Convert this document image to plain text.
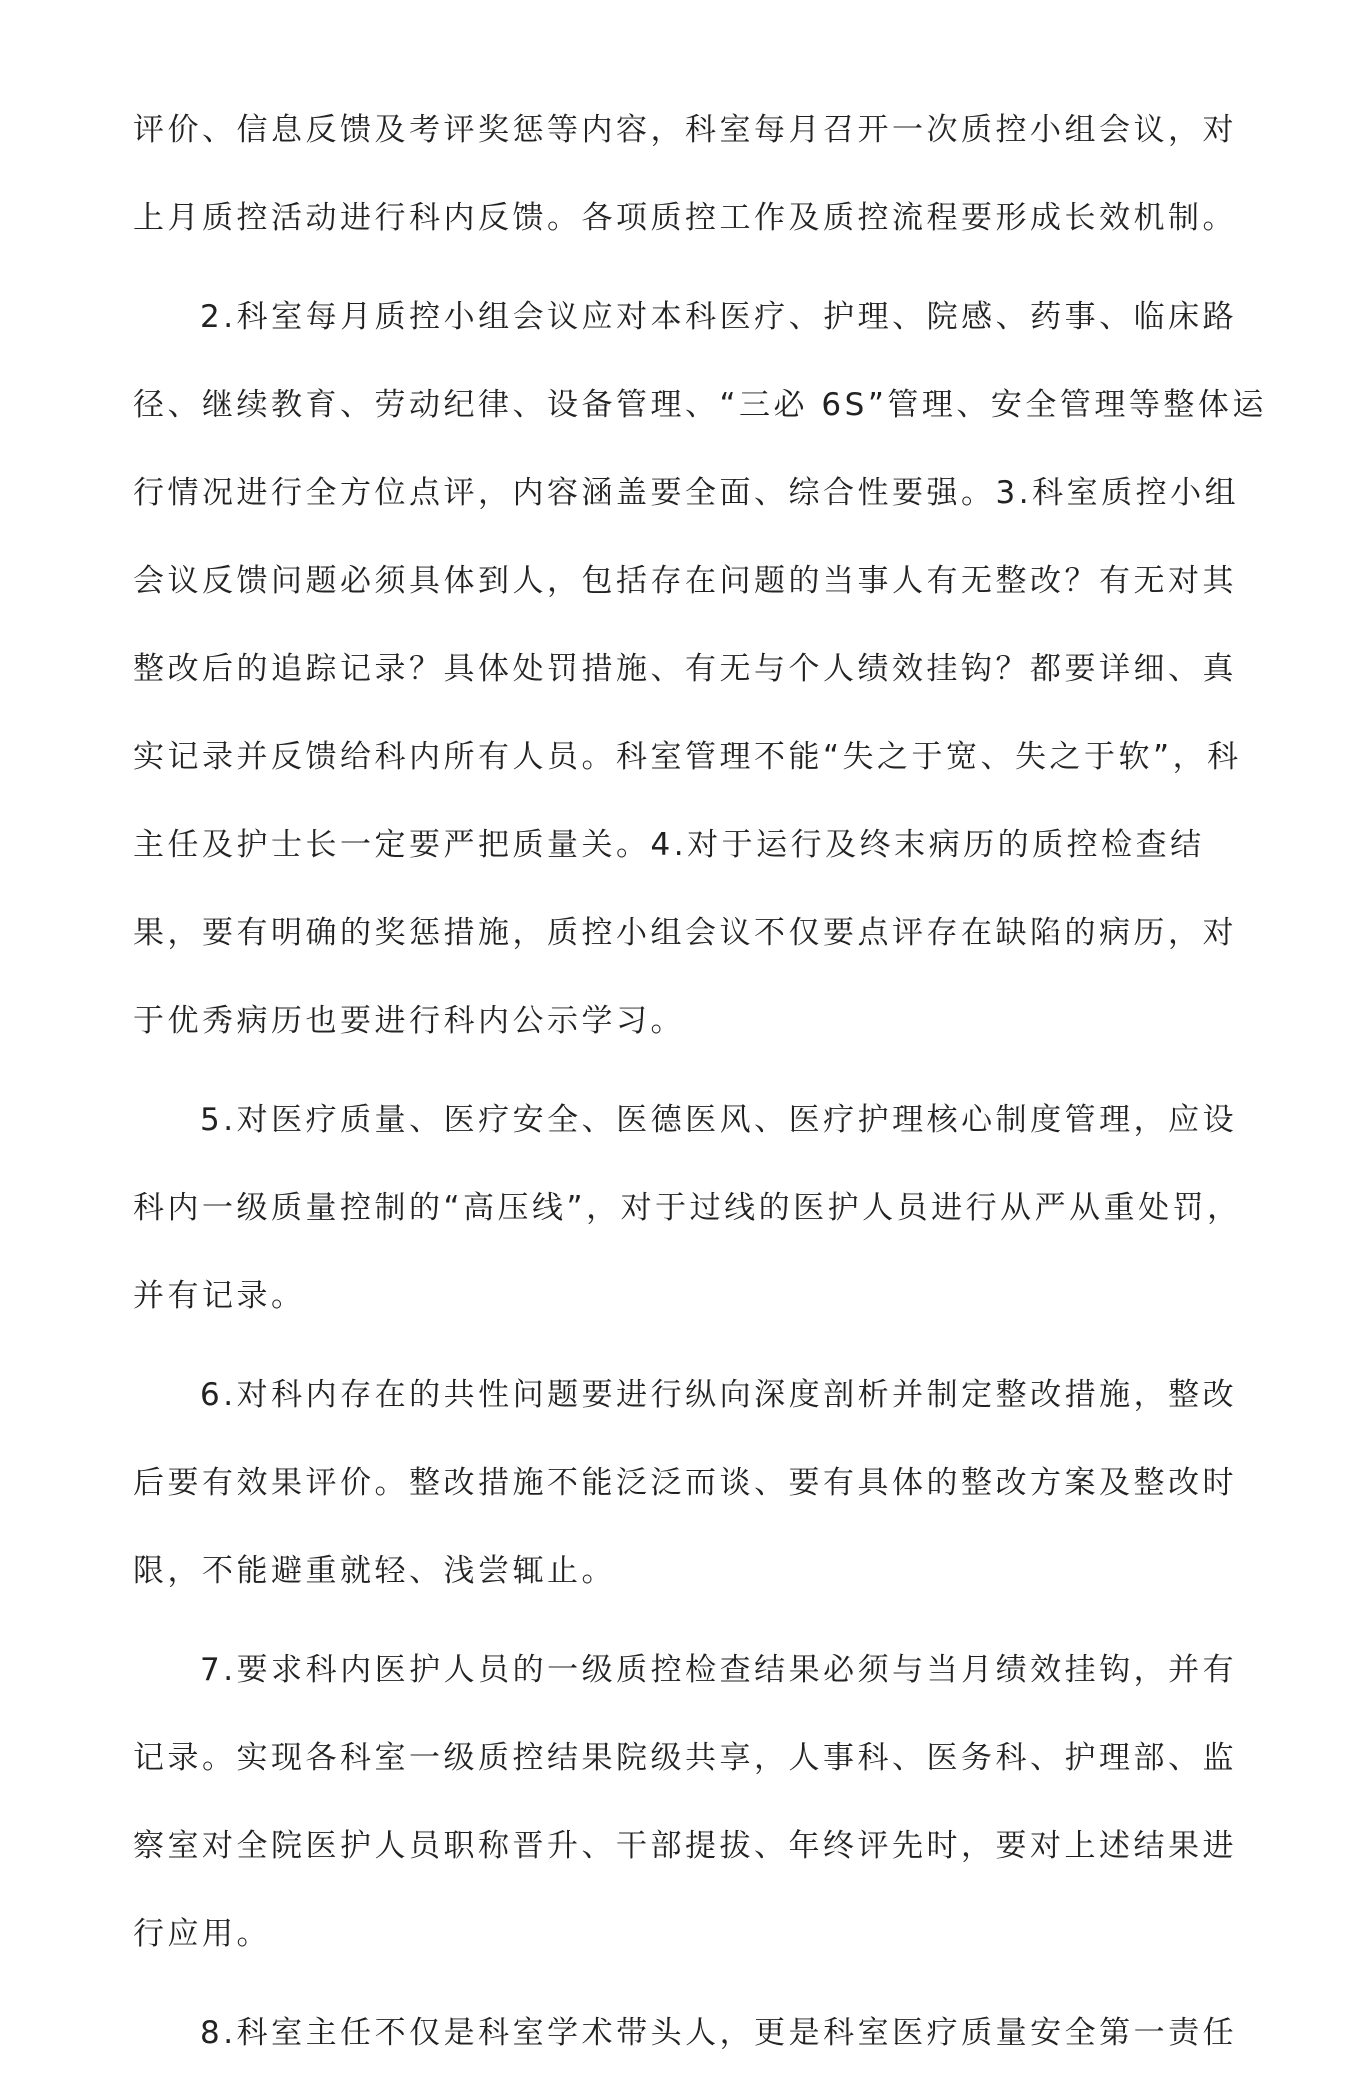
评价、信息反馈及考评奖惩等内容，科室每月召开一次质控小组会议，对
上月质控活动进行科内反馈。各项质控工作及质控流程要形成长效机制。
2.科室每月质控小组会议应对本科医疗、护理、院感、药事、临床路
径、继续教育、劳动纪律、设备管理、“三必 6S”管理、安全管理等整体运
行情况进行全方位点评，内容涵盖要全面、综合性要强。3.科室质控小组
会议反馈问题必须具体到人，包括存在问题的当事人有无整改？有无对其
整改后的追踪记录？具体处罚措施、有无与个人绩效挂钩？都要详细、真
实记录并反馈给科内所有人员。科室管理不能“失之于宽、失之于软”，科
主任及护士长一定要严把质量关。4.对于运行及终末病历的质控检查结
果，要有明确的奖惩措施，质控小组会议不仅要点评存在缺陷的病历，对
于优秀病历也要进行科内公示学习。
5.对医疗质量、医疗安全、医德医风、医疗护理核心制度管理，应设
科内一级质量控制的“高压线”，对于过线的医护人员进行从严从重处罚，
并有记录。
6.对科内存在的共性问题要进行纵向深度剖析并制定整改措施，整改
后要有效果评价。整改措施不能泛泛而谈、要有具体的整改方案及整改时
限，不能避重就轻、浅尝辄止。
7.要求科内医护人员的一级质控检查结果必须与当月绩效挂钩，并有
记录。实现各科室一级质控结果院级共享，人事科、医务科、护理部、监
察室对全院医护人员职称晋升、干部提拔、年终评先时，要对上述结果进
行应用。
8.科室主任不仅是科室学术带头人，更是科室医疗质量安全第一责任
